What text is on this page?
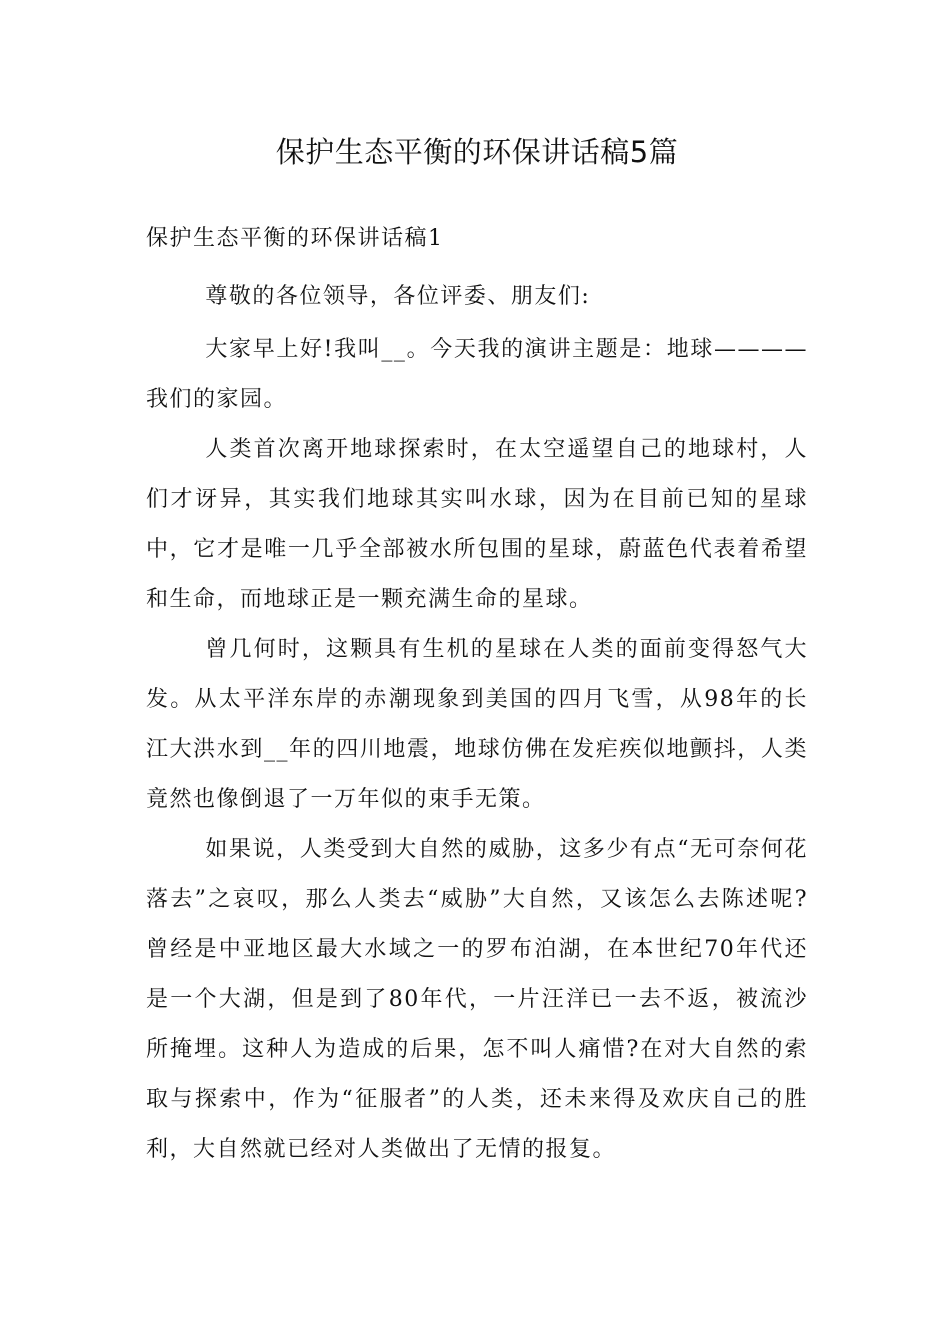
保护生态平衡的环保讲话稿5篇

保护生态平衡的环保讲话稿1

尊敬的各位领导，各位评委、朋友们:

大家早上好!我叫__。今天我的演讲主题是：地球————我们的家园。

人类首次离开地球探索时，在太空遥望自己的地球村，人们才讶异，其实我们地球其实叫水球，因为在目前已知的星球中，它才是唯一几乎全部被水所包围的星球，蔚蓝色代表着希望和生命，而地球正是一颗充满生命的星球。

曾几何时，这颗具有生机的星球在人类的面前变得怒气大发。从太平洋东岸的赤潮现象到美国的四月飞雪，从98年的长江大洪水到__年的四川地震，地球仿佛在发疟疾似地颤抖，人类竟然也像倒退了一万年似的束手无策。

如果说，人类受到大自然的威胁，这多少有点“无可奈何花落去”之哀叹，那么人类去“威胁”大自然，又该怎么去陈述呢?曾经是中亚地区最大水域之一的罗布泊湖，在本世纪70年代还是一个大湖，但是到了80年代，一片汪洋已一去不返，被流沙所掩埋。这种人为造成的后果，怎不叫人痛惜?在对大自然的索取与探索中，作为“征服者”的人类，还未来得及欢庆自己的胜利，大自然就已经对人类做出了无情的报复。
